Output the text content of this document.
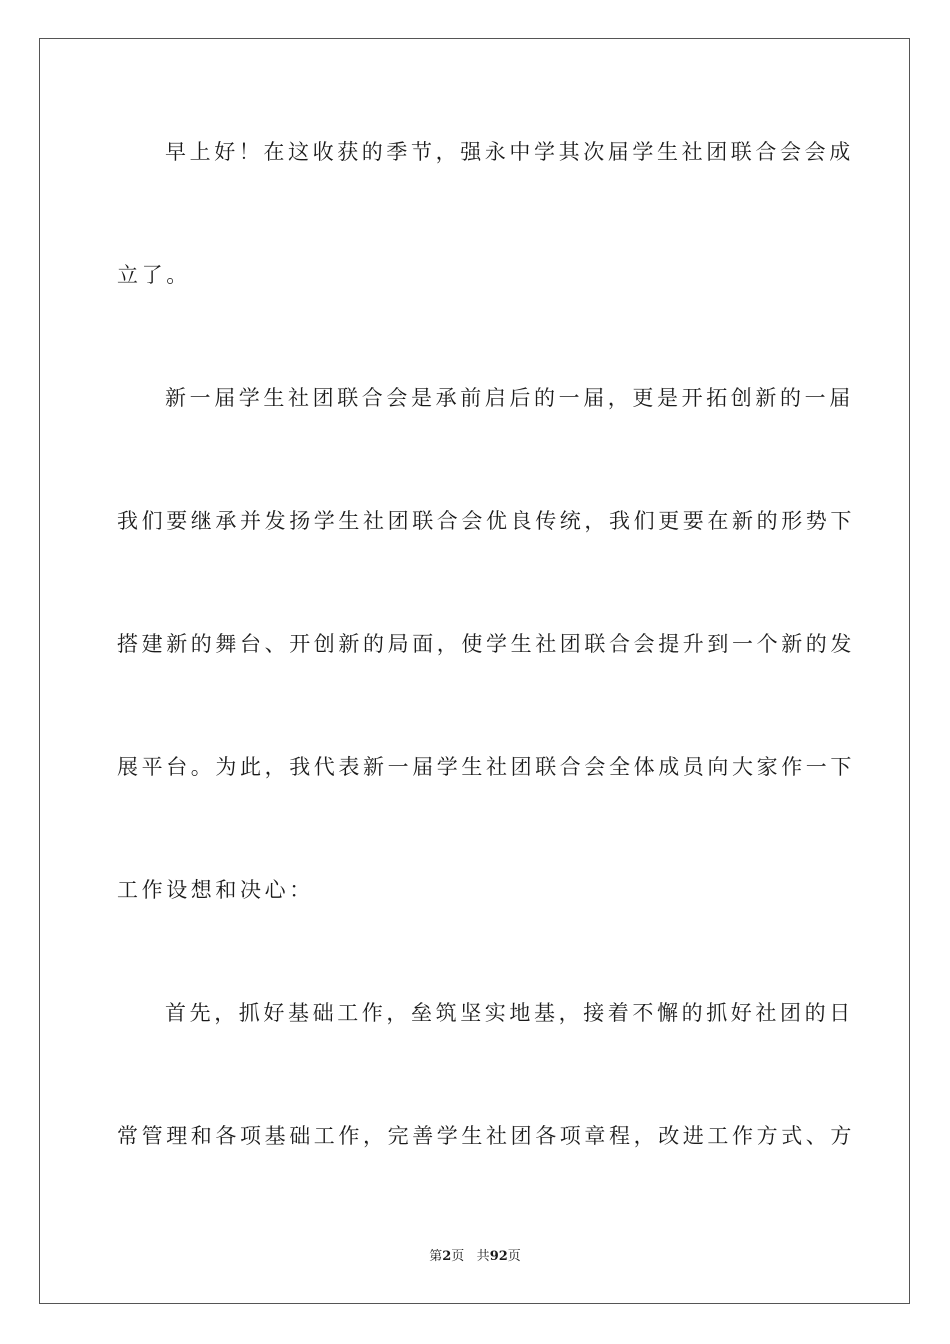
早上好！在这收获的季节，强永中学其次届学生社团联合会会成
立了。
新一届学生社团联合会是承前启后的一届，更是开拓创新的一届
我们要继承并发扬学生社团联合会优良传统，我们更要在新的形势下
搭建新的舞台、开创新的局面，使学生社团联合会提升到一个新的发
展平台。为此，我代表新一届学生社团联合会全体成员向大家作一下
工作设想和决心：
首先，抓好基础工作，垒筑坚实地基，接着不懈的抓好社团的日
常管理和各项基础工作，完善学生社团各项章程，改进工作方式、方
第2页 共92页
